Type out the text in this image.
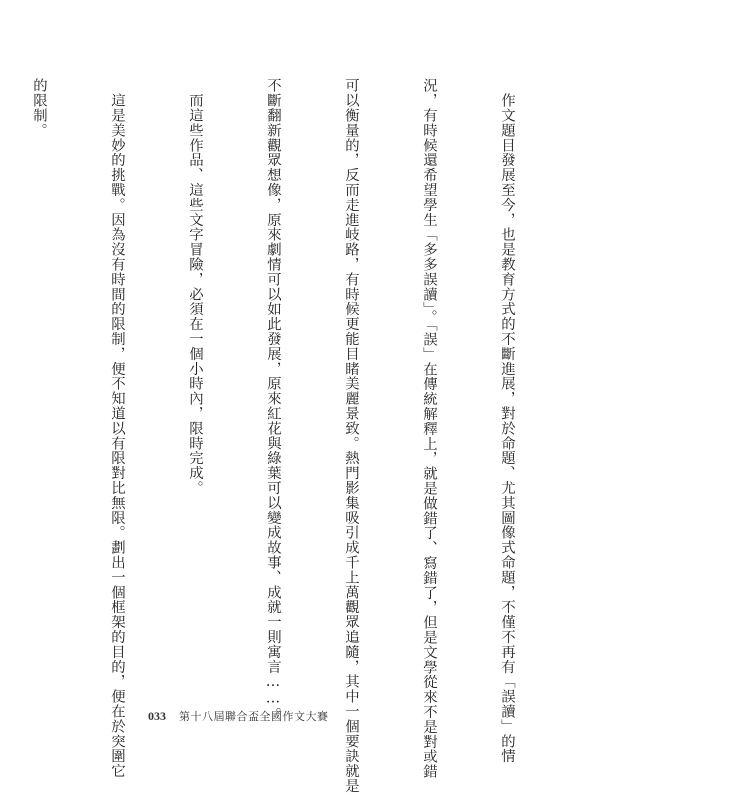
　作文題目發展至今，也是教育方式的不斷進展，對於命題、尤其圖像式命題，不僅不再有「誤讀」的情

況，有時候還希望學生「多多誤讀」。「誤」在傳統解釋上，就是做錯了、寫錯了，但是文學從來不是對或錯

可以衡量的，反而走進岐路，有時候更能目睹美麗景致。熱門影集吸引成千上萬觀眾追隨，其中一個要訣就是

不斷翻新觀眾想像，原來劇情可以如此發展，原來紅花與綠葉可以變成故事、成就一則寓言……。

　而這些作品、這些文字冒險，必須在一個小時內，限時完成。

　這是美妙的挑戰。因為沒有時間的限制，便不知道以有限對比無限。劃出一個框架的目的，便在於突圍它

的限制。

033 第十八屆聯合盃全國作文大賽
